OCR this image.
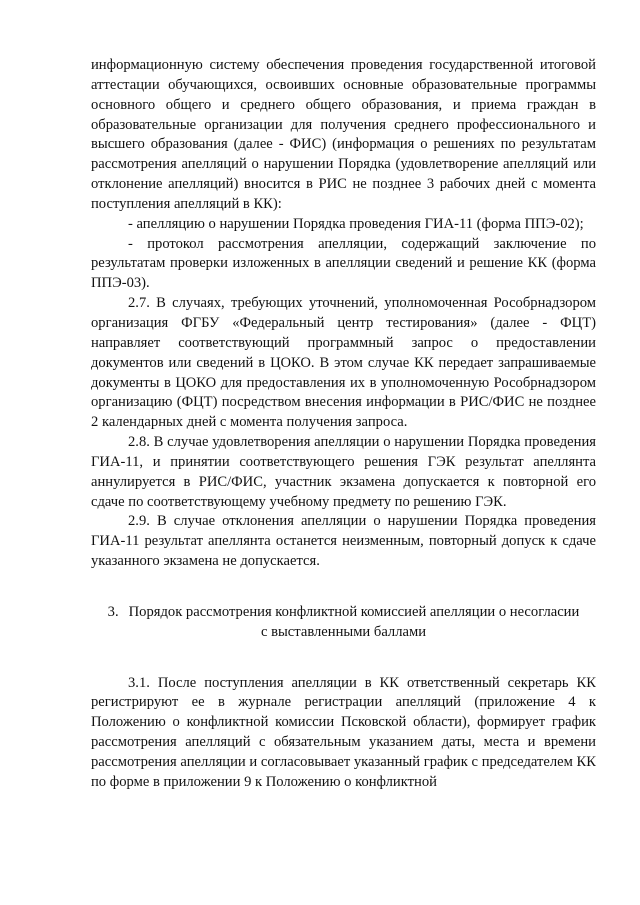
информационную систему обеспечения проведения государственной итоговой аттестации обучающихся, освоивших основные образовательные программы основного общего и среднего общего образования, и приема граждан в образовательные организации для получения среднего профессионального и высшего образования (далее - ФИС) (информация о решениях по результатам рассмотрения апелляций о нарушении Порядка (удовлетворение апелляций или отклонение апелляций) вносится в РИС не позднее 3 рабочих дней с момента поступления апелляций в КК):

- апелляцию о нарушении Порядка проведения ГИА-11 (форма ППЭ-02);

- протокол рассмотрения апелляции, содержащий заключение по результатам проверки изложенных в апелляции сведений и решение КК (форма ППЭ-03).

2.7. В случаях, требующих уточнений, уполномоченная Рособрнадзором организация ФГБУ «Федеральный центр тестирования» (далее - ФЦТ) направляет соответствующий программный запрос о предоставлении документов или сведений в ЦОКО. В этом случае КК передает запрашиваемые документы в ЦОКО для предоставления их в уполномоченную Рособрнадзором организацию (ФЦТ) посредством внесения информации в РИС/ФИС не позднее 2 календарных дней с момента получения запроса.

2.8. В случае удовлетворения апелляции о нарушении Порядка проведения ГИА-11, и принятии соответствующего решения ГЭК результат апеллянта аннулируется в РИС/ФИС, участник экзамена допускается к повторной его сдаче по соответствующему учебному предмету по решению ГЭК.

2.9. В случае отклонения апелляции о нарушении Порядка проведения ГИА-11 результат апеллянта останется неизменным, повторный допуск к сдаче указанного экзамена не допускается.

3. Порядок рассмотрения конфликтной комиссией апелляции о несогласии
с выставленными баллами

3.1. После поступления апелляции в КК ответственный секретарь КК регистрируют ее в журнале регистрации апелляций (приложение 4 к Положению о конфликтной комиссии Псковской области), формирует график рассмотрения апелляций с обязательным указанием даты, места и времени рассмотрения апелляции и согласовывает указанный график с председателем КК по форме в приложении 9 к Положению о конфликтной
